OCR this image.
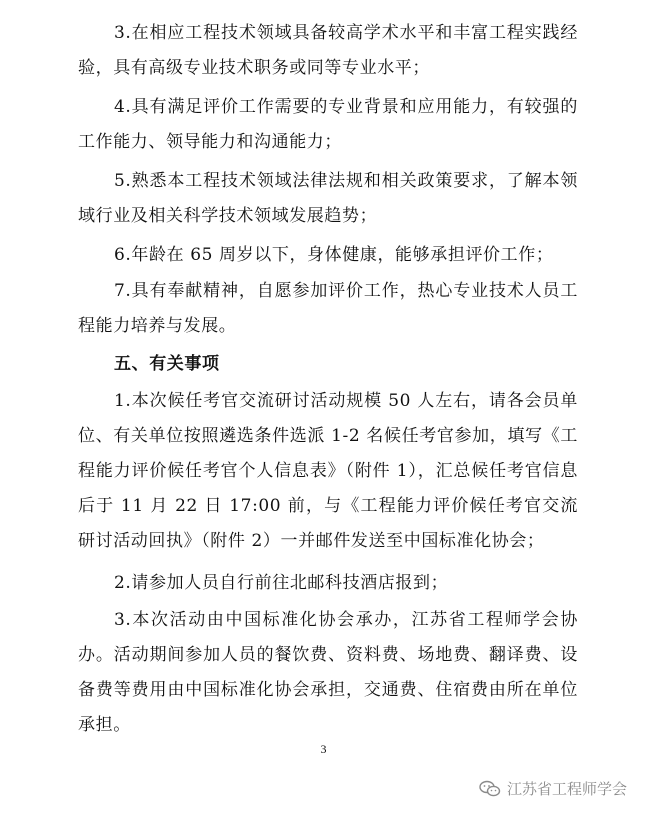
3.在相应工程技术领域具备较高学术水平和丰富工程实践经验，具有高级专业技术职务或同等专业水平；

4.具有满足评价工作需要的专业背景和应用能力，有较强的工作能力、领导能力和沟通能力；

5.熟悉本工程技术领域法律法规和相关政策要求，了解本领域行业及相关科学技术领域发展趋势；

6.年龄在 65 周岁以下，身体健康，能够承担评价工作；

7.具有奉献精神，自愿参加评价工作，热心专业技术人员工程能力培养与发展。

五、有关事项

1.本次候任考官交流研讨活动规模 50 人左右，请各会员单位、有关单位按照遴选条件选派 1-2 名候任考官参加，填写《工程能力评价候任考官个人信息表》（附件 1），汇总候任考官信息后于 11 月 22 日 17:00 前，与《工程能力评价候任考官交流研讨活动回执》（附件 2）一并邮件发送至中国标准化协会；

2.请参加人员自行前往北邮科技酒店报到；

3.本次活动由中国标准化协会承办，江苏省工程师学会协办。活动期间参加人员的餐饮费、资料费、场地费、翻译费、设备费等费用由中国标准化协会承担，交通费、住宿费由所在单位承担。

3
江苏省工程师学会
